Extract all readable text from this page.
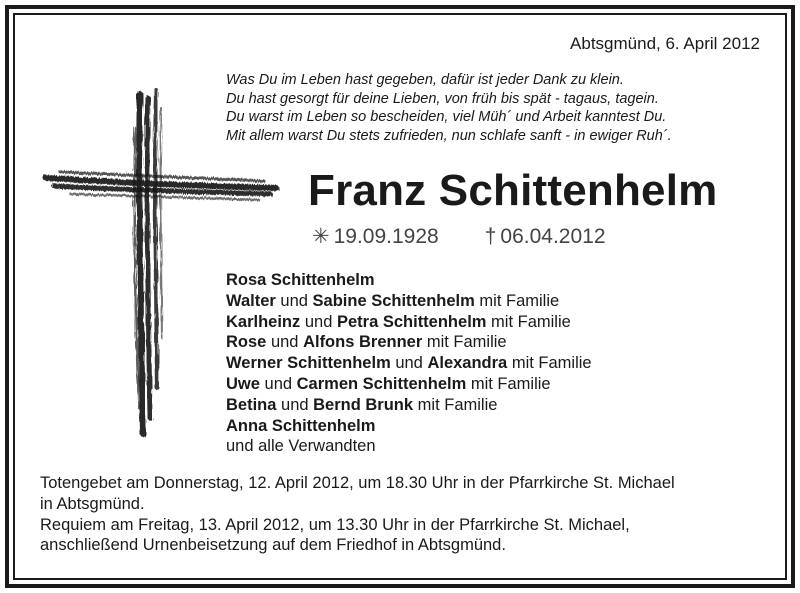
Abtsgmünd, 6. April 2012
Was Du im Leben hast gegeben, dafür ist jeder Dank zu klein.
Du hast gesorgt für deine Lieben, von früh bis spät - tagaus, tagein.
Du warst im Leben so bescheiden, viel Müh´ und Arbeit kanntest Du.
Mit allem warst Du stets zufrieden, nun schlafe sanft - in ewiger Ruh´.
Franz Schittenhelm
✳ 19.09.1928 † 06.04.2012
Rosa Schittenhelm
Walter und Sabine Schittenhelm mit Familie
Karlheinz und Petra Schittenhelm mit Familie
Rose und Alfons Brenner mit Familie
Werner Schittenhelm und Alexandra mit Familie
Uwe und Carmen Schittenhelm mit Familie
Betina und Bernd Brunk mit Familie
Anna Schittenhelm
und alle Verwandten
Totengebet am Donnerstag, 12. April 2012, um 18.30 Uhr in der Pfarrkirche St. Michael
in Abtsgmünd.
Requiem am Freitag, 13. April 2012, um 13.30 Uhr in der Pfarrkirche St. Michael,
anschließend Urnenbeisetzung auf dem Friedhof in Abtsgmünd.
